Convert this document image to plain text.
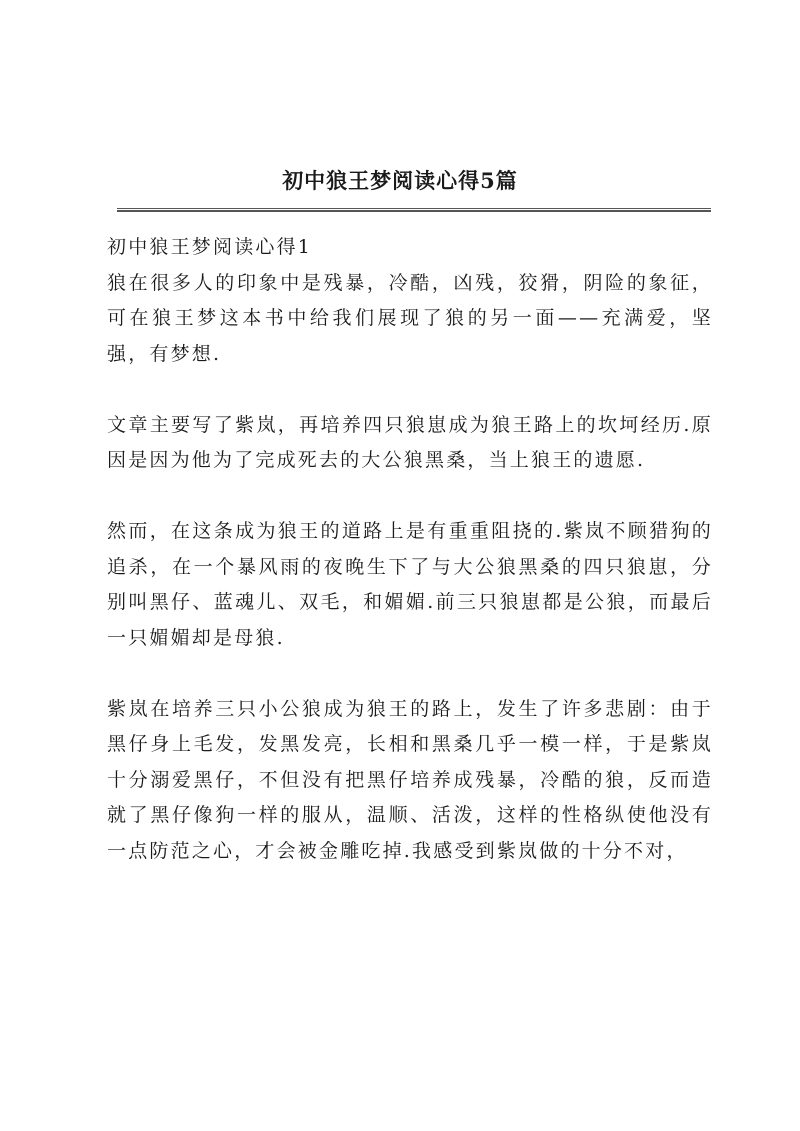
初中狼王梦阅读心得5篇

初中狼王梦阅读心得1

狼在很多人的印象中是残暴，冷酷，凶残，狡猾，阴险的象征，可在狼王梦这本书中给我们展现了狼的另一面——充满爱，坚强，有梦想.

文章主要写了紫岚，再培养四只狼崽成为狼王路上的坎坷经历.原因是因为他为了完成死去的大公狼黑桑，当上狼王的遗愿.

然而，在这条成为狼王的道路上是有重重阻挠的.紫岚不顾猎狗的追杀，在一个暴风雨的夜晚生下了与大公狼黑桑的四只狼崽，分别叫黑仔、蓝魂儿、双毛，和媚媚.前三只狼崽都是公狼，而最后一只媚媚却是母狼.

紫岚在培养三只小公狼成为狼王的路上，发生了许多悲剧：由于黑仔身上毛发，发黑发亮，长相和黑桑几乎一模一样，于是紫岚十分溺爱黑仔，不但没有把黑仔培养成残暴，冷酷的狼，反而造就了黑仔像狗一样的服从，温顺、活泼，这样的性格纵使他没有一点防范之心，才会被金雕吃掉.我感受到紫岚做的十分不对，
